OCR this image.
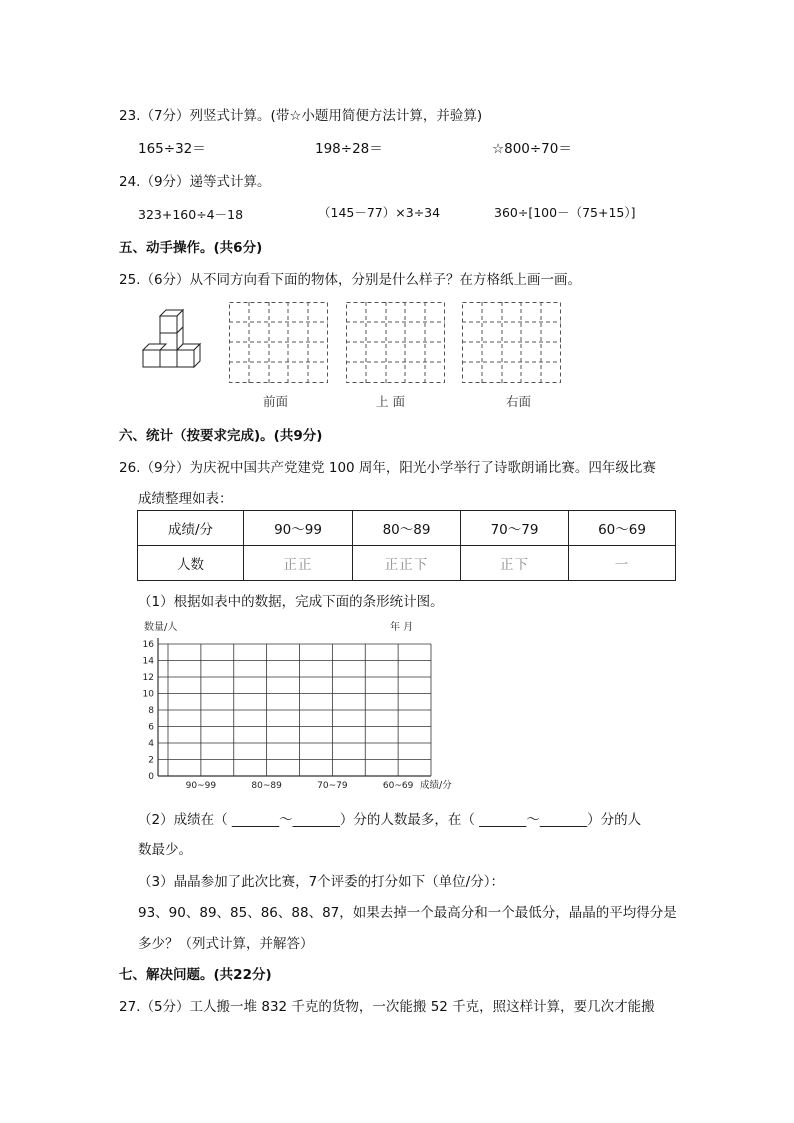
23.（7分）列竖式计算。(带☆小题用简便方法计算，并验算)
165÷32＝	198÷28＝	☆800÷70＝
24.（9分）递等式计算。
323+160÷4－18	（145－77）×3÷34	360÷[100－（75+15）]
五、动手操作。(共6分)
25.（6分）从不同方向看下面的物体，分别是什么样子？在方格纸上画一画。
前面	上 面	右面
六、统计（按要求完成)。(共9分)
26.（9分）为庆祝中国共产党建党 100 周年，阳光小学举行了诗歌朗诵比赛。四年级比赛
成绩整理如表：
成绩/分	90～99	80～89	70～79	60～69
人数	正正	正正下	正下	一
（1）根据如表中的数据，完成下面的条形统计图。
数量/人	年 月
成绩/分
0
2
4
6
8
10
12
14
16
90~99	80~89	70~79	60~69
（2）成绩在（ _______～_______）分的人数最多，在（ _______～_______）分的人
数最少。
（3）晶晶参加了此次比赛，7个评委的打分如下（单位/分）：
93、90、89、85、86、88、87，如果去掉一个最高分和一个最低分，晶晶的平均得分是
多少？（列式计算，并解答）
七、解决问题。(共22分)
27.（5分）工人搬一堆 832 千克的货物，一次能搬 52 千克，照这样计算，要几次才能搬
